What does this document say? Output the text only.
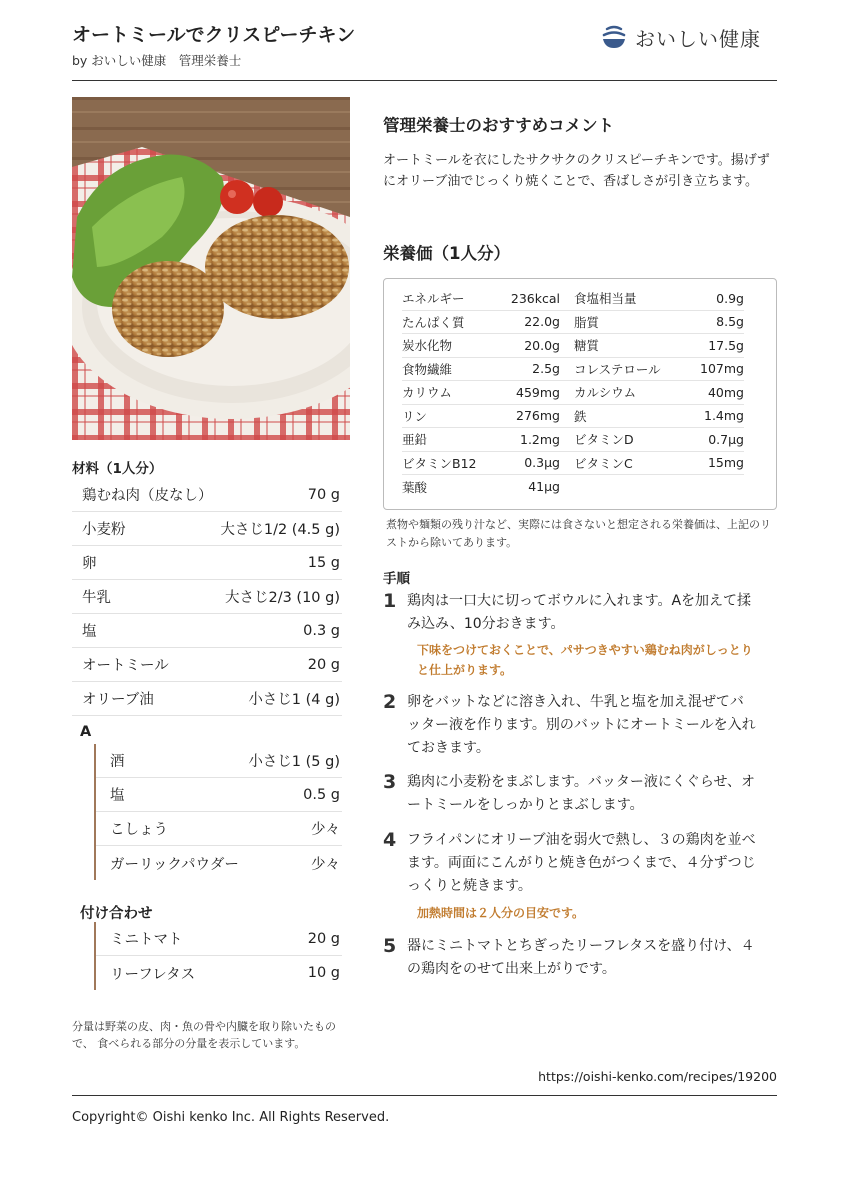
オートミールでクリスピーチキン
by おいしい健康　管理栄養士
おいしい健康
材料（1人分）
鶏むね肉（皮なし）	70 g
小麦粉	大さじ1/2 (4.5 g)
卵	15 g
牛乳	大さじ2/3 (10 g)
塩	0.3 g
オートミール	20 g
オリーブ油	小さじ1 (4 g)
A
酒	小さじ1 (5 g)
塩	0.5 g
こしょう	少々
ガーリックパウダー	少々
付け合わせ
ミニトマト	20 g
リーフレタス	10 g
分量は野菜の皮、肉・魚の骨や内臓を取り除いたもので、 食べられる部分の分量を表示しています。
管理栄養士のおすすめコメント
オートミールを衣にしたサクサクのクリスピーチキンです。揚げずにオリーブ油でじっくり焼くことで、香ばしさが引き立ちます。
栄養価（1人分）
エネルギー	236kcal 食塩相当量	0.9g
たんぱく質	22.0g 脂質	8.5g
炭水化物	20.0g 糖質	17.5g
食物繊維	2.5g コレステロール	107mg
カリウム	459mg カルシウム	40mg
リン	276mg 鉄	1.4mg
亜鉛	1.2mg ビタミンD	0.7µg
ビタミンB12	0.3µg ビタミンC	15mg
葉酸	41µg
煮物や麺類の残り汁など、実際には食さないと想定される栄養価は、上記のリストから除いてあります。
手順
1 鶏肉は一口大に切ってボウルに入れます。Aを加えて揉み込み、10分おきます。
下味をつけておくことで、パサつきやすい鶏むね肉がしっとりと仕上がります。
2 卵をバットなどに溶き入れ、牛乳と塩を加え混ぜてバッター液を作ります。別のバットにオートミールを入れておきます。
3 鶏肉に小麦粉をまぶします。バッター液にくぐらせ、オートミールをしっかりとまぶします。
4 フライパンにオリーブ油を弱火で熱し、３の鶏肉を並べます。両面にこんがりと焼き色がつくまで、４分ずつじっくりと焼きます。
加熱時間は２人分の目安です。
5 器にミニトマトとちぎったリーフレタスを盛り付け、４の鶏肉をのせて出来上がりです。
https://oishi-kenko.com/recipes/19200
Copyright© Oishi kenko Inc. All Rights Reserved.
